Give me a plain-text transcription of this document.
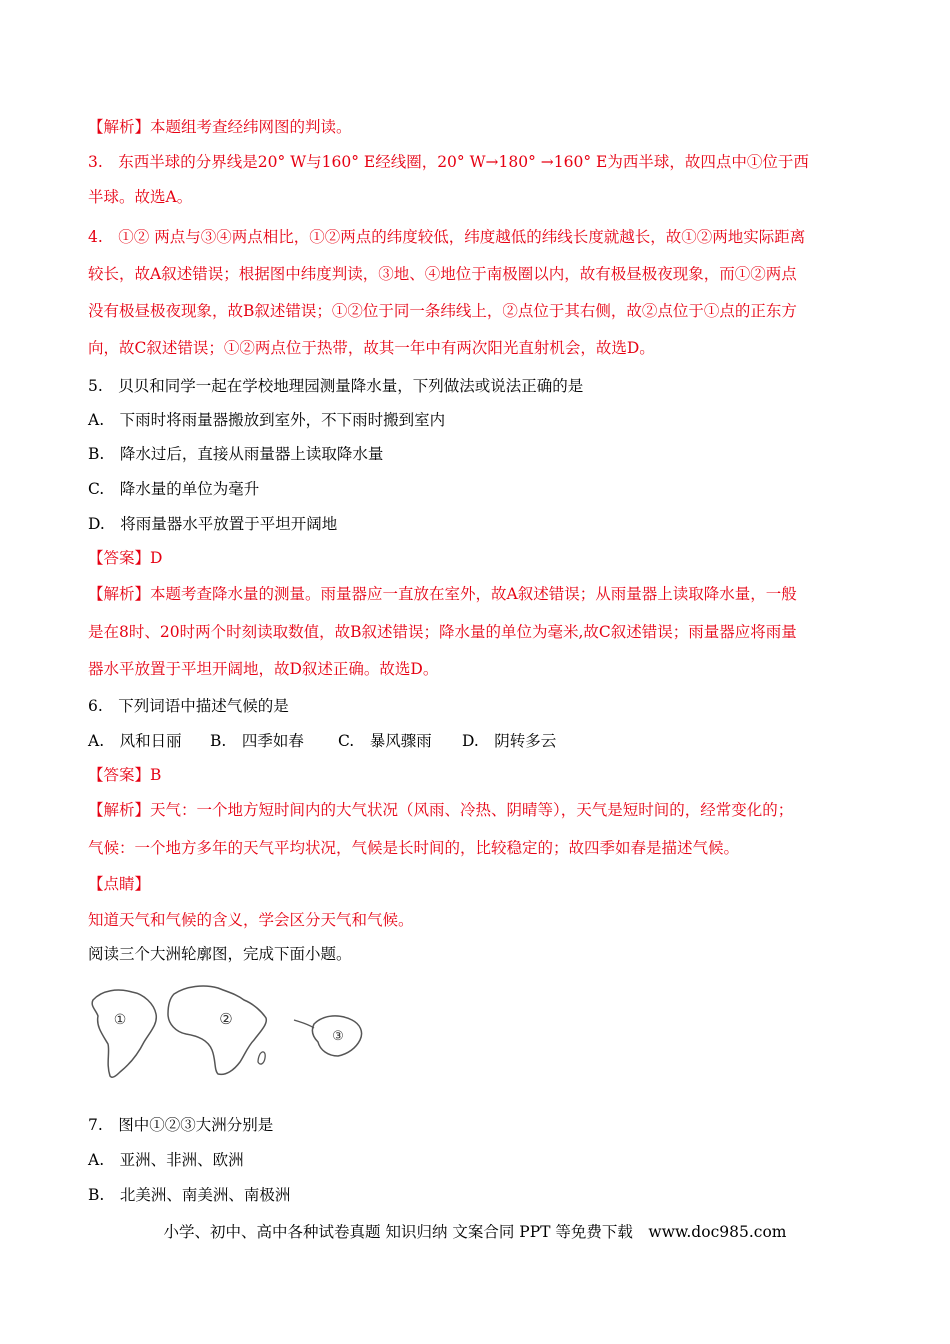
【解析】本题组考查经纬网图的判读。
3.　东西半球的分界线是20° W与160° E经线圈，20° W→180° →160° E为西半球，故四点中①位于西
半球。故选A。
4.　①② 两点与③④两点相比，①②两点的纬度较低，纬度越低的纬线长度就越长，故①②两地实际距离
较长，故A叙述错误；根据图中纬度判读，③地、④地位于南极圈以内，故有极昼极夜现象，而①②两点
没有极昼极夜现象，故B叙述错误；①②位于同一条纬线上，②点位于其右侧，故②点位于①点的正东方
向，故C叙述错误；①②两点位于热带，故其一年中有两次阳光直射机会，故选D。
5.　贝贝和同学一起在学校地理园测量降水量，下列做法或说法正确的是
A.　下雨时将雨量器搬放到室外，不下雨时搬到室内
B.　降水过后，直接从雨量器上读取降水量
C.　降水量的单位为毫升
D.　将雨量器水平放置于平坦开阔地
【答案】D
【解析】本题考查降水量的测量。雨量器应一直放在室外，故A叙述错误；从雨量器上读取降水量，一般
是在8时、20时两个时刻读取数值，故B叙述错误；降水量的单位为毫米,故C叙述错误；雨量器应将雨量
器水平放置于平坦开阔地，故D叙述正确。故选D。
6.　下列词语中描述气候的是
A.　风和日丽 B.　四季如春 C.　暴风骤雨 D.　阴转多云
【答案】B
【解析】天气：一个地方短时间内的大气状况（风雨、冷热、阴晴等），天气是短时间的，经常变化的；
气候：一个地方多年的天气平均状况，气候是长时间的，比较稳定的；故四季如春是描述气候。
【点睛】
知道天气和气候的含义，学会区分天气和气候。
阅读三个大洲轮廓图，完成下面小题。
①	②
③
7.　图中①②③大洲分别是
A.　亚洲、非洲、欧洲
B.　北美洲、南美洲、南极洲
小学、初中、高中各种试卷真题 知识归纳 文案合同 PPT 等免费下载　www.doc985.com
